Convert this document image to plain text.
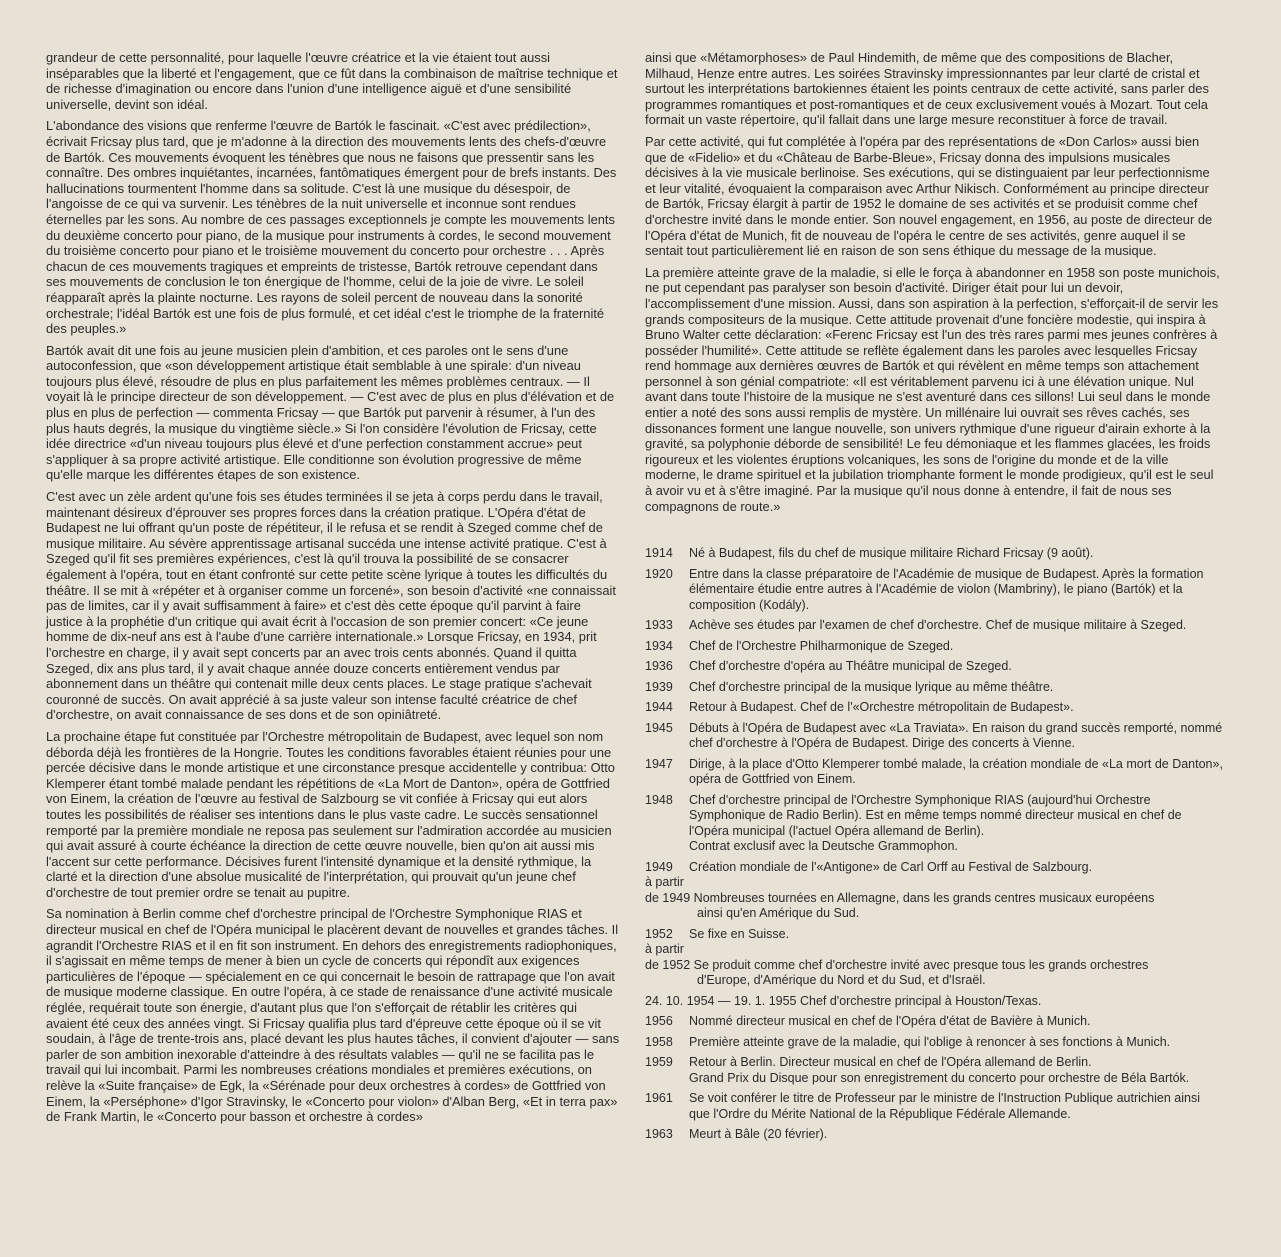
grandeur de cette personnalité, pour laquelle l'œuvre créatrice et la vie étaient tout aussi inséparables que la liberté et l'engagement, que ce fût dans la combinaison de maîtrise technique et de richesse d'imagination ou encore dans l'union d'une intelligence aiguë et d'une sensibilité universelle, devint son idéal.

L'abondance des visions que renferme l'œuvre de Bartók le fascinait. «C'est avec prédilection», écrivait Fricsay plus tard, que je m'adonne à la direction des mouvements lents des chefs-d'œuvre de Bartók. Ces mouvements évoquent les ténèbres que nous ne faisons que pressentir sans les connaître. Des ombres inquiétantes, incarnées, fantômatiques émergent pour de brefs instants. Des hallucinations tourmentent l'homme dans sa solitude. C'est là une musique du désespoir, de l'angoisse de ce qui va survenir. Les ténèbres de la nuit universelle et inconnue sont rendues éternelles par les sons. Au nombre de ces passages exceptionnels je compte les mouvements lents du deuxième concerto pour piano, de la musique pour instruments à cordes, le second mouvement du troisième concerto pour piano et le troisième mouvement du concerto pour orchestre . . . Après chacun de ces mouvements tragiques et empreints de tristesse, Bartók retrouve cependant dans ses mouvements de conclusion le ton énergique de l'homme, celui de la joie de vivre. Le soleil réapparaît après la plainte nocturne. Les rayons de soleil percent de nouveau dans la sonorité orchestrale; l'idéal Bartók est une fois de plus formulé, et cet idéal c'est le triomphe de la fraternité des peuples.»

Bartók avait dit une fois au jeune musicien plein d'ambition, et ces paroles ont le sens d'une autoconfession, que «son développement artistique était semblable à une spirale: d'un niveau toujours plus élevé, résoudre de plus en plus parfaitement les mêmes problèmes centraux. — Il voyait là le principe directeur de son développement. — C'est avec de plus en plus d'élévation et de plus en plus de perfection — commenta Fricsay — que Bartók put parvenir à résumer, à l'un des plus hauts degrés, la musique du vingtième siècle.» Si l'on considère l'évolution de Fricsay, cette idée directrice «d'un niveau toujours plus élevé et d'une perfection constamment accrue» peut s'appliquer à sa propre activité artistique. Elle conditionne son évolution progressive de même qu'elle marque les différentes étapes de son existence.

C'est avec un zèle ardent qu'une fois ses études terminées il se jeta à corps perdu dans le travail, maintenant désireux d'éprouver ses propres forces dans la création pratique. L'Opéra d'état de Budapest ne lui offrant qu'un poste de répétiteur, il le refusa et se rendit à Szeged comme chef de musique militaire. Au sévère apprentissage artisanal succéda une intense activité pratique. C'est à Szeged qu'il fit ses premières expériences, c'est là qu'il trouva la possibilité de se consacrer également à l'opéra, tout en étant confronté sur cette petite scène lyrique à toutes les difficultés du théâtre. Il se mit à «répéter et à organiser comme un forcené», son besoin d'activité «ne connaissait pas de limites, car il y avait suffisamment à faire» et c'est dès cette époque qu'il parvint à faire justice à la prophétie d'un critique qui avait écrit à l'occasion de son premier concert: «Ce jeune homme de dix-neuf ans est à l'aube d'une carrière internationale.» Lorsque Fricsay, en 1934, prit l'orchestre en charge, il y avait sept concerts par an avec trois cents abonnés. Quand il quitta Szeged, dix ans plus tard, il y avait chaque année douze concerts entièrement vendus par abonnement dans un théâtre qui contenait mille deux cents places. Le stage pratique s'achevait couronné de succès. On avait apprécié à sa juste valeur son intense faculté créatrice de chef d'orchestre, on avait connaissance de ses dons et de son opiniâtreté.

La prochaine étape fut constituée par l'Orchestre métropolitain de Budapest, avec lequel son nom déborda déjà les frontières de la Hongrie. Toutes les conditions favorables étaient réunies pour une percée décisive dans le monde artistique et une circonstance presque accidentelle y contribua: Otto Klemperer étant tombé malade pendant les répétitions de «La Mort de Danton», opéra de Gottfried von Einem, la création de l'œuvre au festival de Salzbourg se vit confiée à Fricsay qui eut alors toutes les possibilités de réaliser ses intentions dans le plus vaste cadre. Le succès sensationnel remporté par la première mondiale ne reposa pas seulement sur l'admiration accordée au musicien qui avait assuré à courte échéance la direction de cette œuvre nouvelle, bien qu'on ait aussi mis l'accent sur cette performance. Décisives furent l'intensité dynamique et la densité rythmique, la clarté et la direction d'une absolue musicalité de l'interprétation, qui prouvait qu'un jeune chef d'orchestre de tout premier ordre se tenait au pupitre.

Sa nomination à Berlin comme chef d'orchestre principal de l'Orchestre Symphonique RIAS et directeur musical en chef de l'Opéra municipal le placèrent devant de nouvelles et grandes tâches. Il agrandit l'Orchestre RIAS et il en fit son instrument. En dehors des enregistrements radiophoniques, il s'agissait en même temps de mener à bien un cycle de concerts qui répondît aux exigences particulières de l'époque — spécialement en ce qui concernait le besoin de rattrapage que l'on avait de musique moderne classique. En outre l'opéra, à ce stade de renaissance d'une activité musicale réglée, requérait toute son énergie, d'autant plus que l'on s'efforçait de rétablir les critères qui avaient été ceux des années vingt. Si Fricsay qualifia plus tard d'épreuve cette époque où il se vit soudain, à l'âge de trente-trois ans, placé devant les plus hautes tâches, il convient d'ajouter — sans parler de son ambition inexorable d'atteindre à des résultats valables — qu'il ne se facilita pas le travail qui lui incombait. Parmi les nombreuses créations mondiales et premières exécutions, on relève la «Suite française» de Egk, la «Sérénade pour deux orchestres à cordes» de Gottfried von Einem, la «Perséphone» d'Igor Stravinsky, le «Concerto pour violon» d'Alban Berg, «Et in terra pax» de Frank Martin, le «Concerto pour basson et orchestre à cordes»

ainsi que «Métamorphoses» de Paul Hindemith, de même que des compositions de Blacher, Milhaud, Henze entre autres. Les soirées Stravinsky impressionnantes par leur clarté de cristal et surtout les interprétations bartokiennes étaient les points centraux de cette activité, sans parler des programmes romantiques et post-romantiques et de ceux exclusivement voués à Mozart. Tout cela formait un vaste répertoire, qu'il fallait dans une large mesure reconstituer à force de travail.

Par cette activité, qui fut complétée à l'opéra par des représentations de «Don Carlos» aussi bien que de «Fidelio» et du «Château de Barbe-Bleue», Fricsay donna des impulsions musicales décisives à la vie musicale berlinoise. Ses exécutions, qui se distinguaient par leur perfectionnisme et leur vitalité, évoquaient la comparaison avec Arthur Nikisch. Conformément au principe directeur de Bartók, Fricsay élargit à partir de 1952 le domaine de ses activités et se produisit comme chef d'orchestre invité dans le monde entier. Son nouvel engagement, en 1956, au poste de directeur de l'Opéra d'état de Munich, fit de nouveau de l'opéra le centre de ses activités, genre auquel il se sentait tout particulièrement lié en raison de son sens éthique du message de la musique.

La première atteinte grave de la maladie, si elle le força à abandonner en 1958 son poste munichois, ne put cependant pas paralyser son besoin d'activité. Diriger était pour lui un devoir, l'accomplissement d'une mission. Aussi, dans son aspiration à la perfection, s'efforçait-il de servir les grands compositeurs de la musique. Cette attitude provenait d'une foncière modestie, qui inspira à Bruno Walter cette déclaration: «Ferenc Fricsay est l'un des très rares parmi mes jeunes confrères à posséder l'humilité». Cette attitude se reflète également dans les paroles avec lesquelles Fricsay rend hommage aux dernières œuvres de Bartók et qui révèlent en même temps son attachement personnel à son génial compatriote: «Il est véritablement parvenu ici à une élévation unique. Nul avant dans toute l'histoire de la musique ne s'est aventuré dans ces sillons! Lui seul dans le monde entier a noté des sons aussi remplis de mystère. Un millénaire lui ouvrait ses rêves cachés, ses dissonances forment une langue nouvelle, son univers rythmique d'une rigueur d'airain exhorte à la gravité, sa polyphonie déborde de sensibilité! Le feu démoniaque et les flammes glacées, les froids rigoureux et les violentes éruptions volcaniques, les sons de l'origine du monde et de la ville moderne, le drame spirituel et la jubilation triomphante forment le monde prodigieux, qu'il est le seul à avoir vu et à s'être imaginé. Par la musique qu'il nous donne à entendre, il fait de nous ses compagnons de route.»

1914	Né à Budapest, fils du chef de musique militaire Richard Fricsay (9 août).
1920	Entre dans la classe préparatoire de l'Académie de musique de Budapest. Après la formation élémentaire étudie entre autres à l'Académie de violon (Mambriny), le piano (Bartók) et la composition (Kodály).
1933	Achève ses études par l'examen de chef d'orchestre. Chef de musique militaire à Szeged.
1934	Chef de l'Orchestre Philharmonique de Szeged.
1936	Chef d'orchestre d'opéra au Théâtre municipal de Szeged.
1939	Chef d'orchestre principal de la musique lyrique au même théâtre.
1944	Retour à Budapest. Chef de l'«Orchestre métropolitain de Budapest».
1945	Débuts à l'Opéra de Budapest avec «La Traviata». En raison du grand succès remporté, nommé chef d'orchestre à l'Opéra de Budapest. Dirige des concerts à Vienne.
1947	Dirige, à la place d'Otto Klemperer tombé malade, la création mondiale de «La mort de Danton», opéra de Gottfried von Einem.
1948	Chef d'orchestre principal de l'Orchestre Symphonique RIAS (aujourd'hui Orchestre Symphonique de Radio Berlin). Est en même temps nommé directeur musical en chef de l'Opéra municipal (l'actuel Opéra allemand de Berlin).
Contrat exclusif avec la Deutsche Grammophon.
1949	Création mondiale de l'«Antigone» de Carl Orff au Festival de Salzbourg.
à partir
de 1949 Nombreuses tournées en Allemagne, dans les grands centres musicaux européens
ainsi qu'en Amérique du Sud.
1952	Se fixe en Suisse.
à partir
de 1952 Se produit comme chef d'orchestre invité avec presque tous les grands orchestres
d'Europe, d'Amérique du Nord et du Sud, et d'Israël.
24. 10. 1954 — 19. 1. 1955 Chef d'orchestre principal à Houston/Texas.
1956	Nommé directeur musical en chef de l'Opéra d'état de Bavière à Munich.
1958	Première atteinte grave de la maladie, qui l'oblige à renoncer à ses fonctions à Munich.
1959	Retour à Berlin. Directeur musical en chef de l'Opéra allemand de Berlin.
Grand Prix du Disque pour son enregistrement du concerto pour orchestre de Béla Bartók.
1961	Se voit conférer le titre de Professeur par le ministre de l'Instruction Publique autrichien ainsi que l'Ordre du Mérite National de la République Fédérale Allemande.
1963	Meurt à Bâle (20 février).
